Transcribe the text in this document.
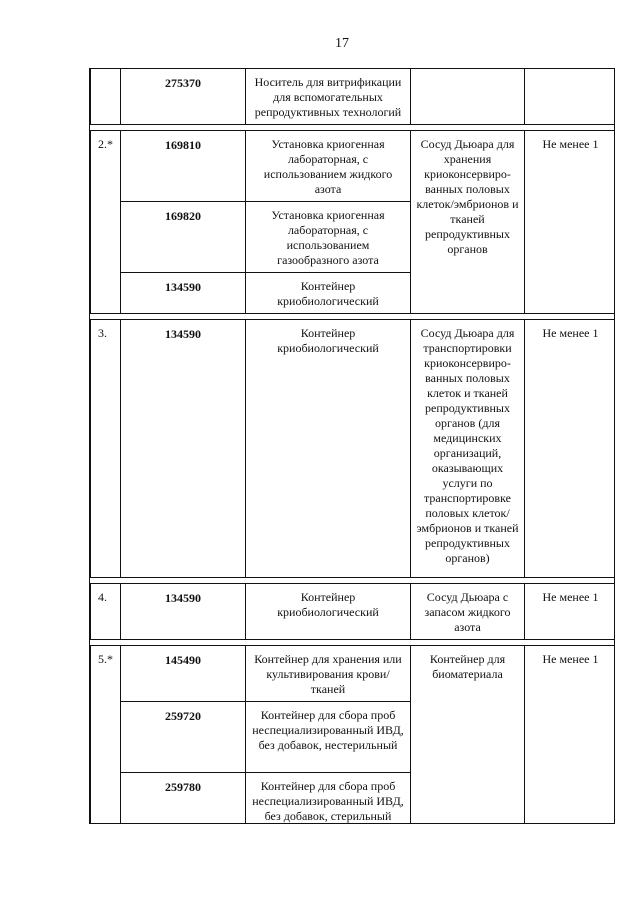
17
	275370	Носитель для витрификации для вспомогательных репродуктивных технологий		

2.*	169810	Установка криогенная лабораторная, с использованием жидкого азота	Сосуд Дьюара для хранения криоконсервиро-ванных половых клеток/эмбрионов и тканей репродуктивных органов	Не менее 1
	169820	Установка криогенная лабораторная, с использованием газообразного азота		
	134590	Контейнер криобиологический		

3.	134590	Контейнер криобиологический	Сосуд Дьюара для транспортировки криоконсервиро-ванных половых клеток и тканей репродуктивных органов (для медицинских организаций, оказывающих услуги по транспортировке половых клеток/эмбрионов и тканей репродуктивных органов)	Не менее 1

4.	134590	Контейнер криобиологический	Сосуд Дьюара с запасом жидкого азота	Не менее 1

5.*	145490	Контейнер для хранения или культивирования крови/тканей	Контейнер для биоматериала	Не менее 1
	259720	Контейнер для сбора проб неспециализированный ИВД, без добавок, нестерильный		
	259780	Контейнер для сбора проб неспециализированный ИВД, без добавок, стерильный		
